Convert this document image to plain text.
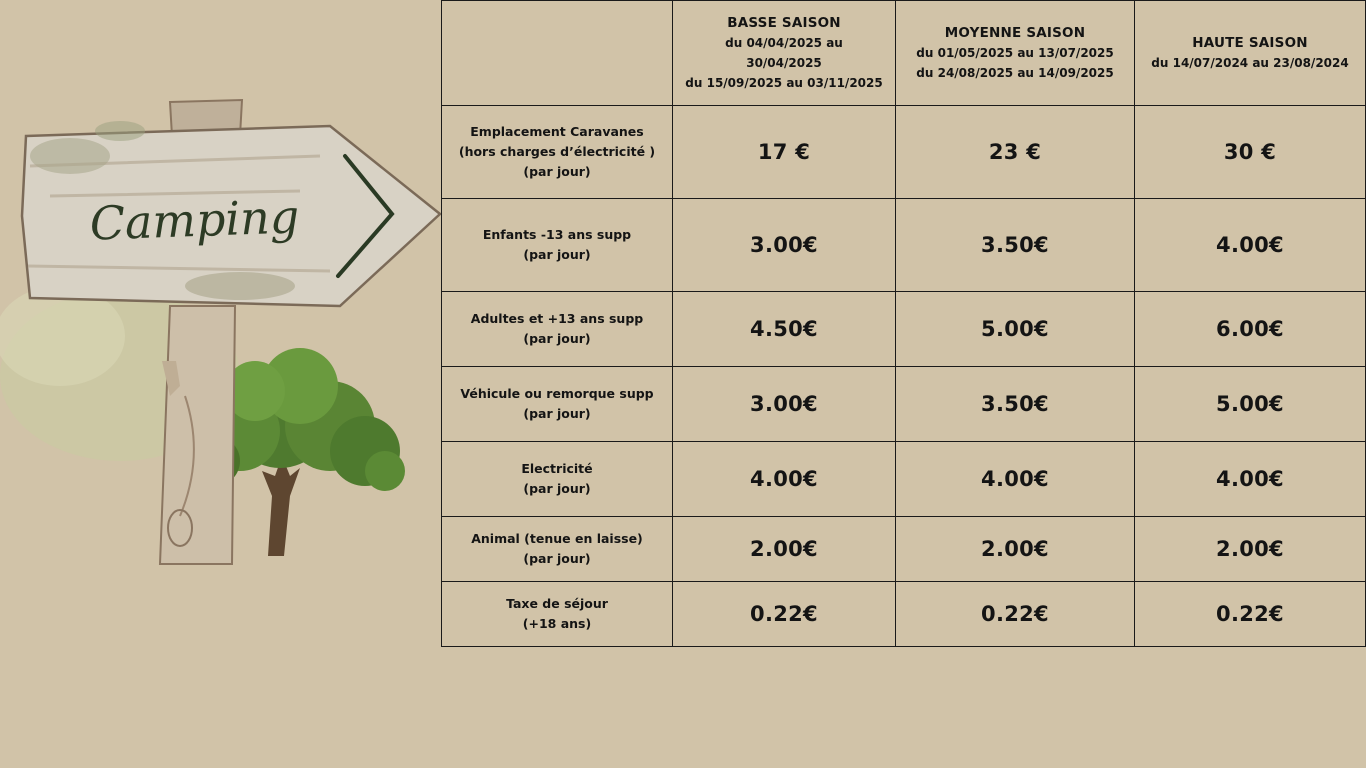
Camping

	BASSE SAISON
du 04/04/2025 au
30/04/2025
du 15/09/2025 au 03/11/2025	MOYENNE SAISON
du 01/05/2025 au 13/07/2025
du 24/08/2025 au 14/09/2025	HAUTE SAISON
du 14/07/2024 au 23/08/2024

Emplacement Caravanes
(hors charges d’électricité )
(par jour)	17 €	23 €	30 €

Enfants -13 ans supp
(par jour)	3.00€	3.50€	4.00€

Adultes et +13 ans supp
(par jour)	4.50€	5.00€	6.00€

Véhicule ou remorque supp
(par jour)	3.00€	3.50€	5.00€

Electricité
(par jour)	4.00€	4.00€	4.00€

Animal (tenue en laisse)
(par jour)	2.00€	2.00€	2.00€

Taxe de séjour
(+18 ans)	0.22€	0.22€	0.22€
